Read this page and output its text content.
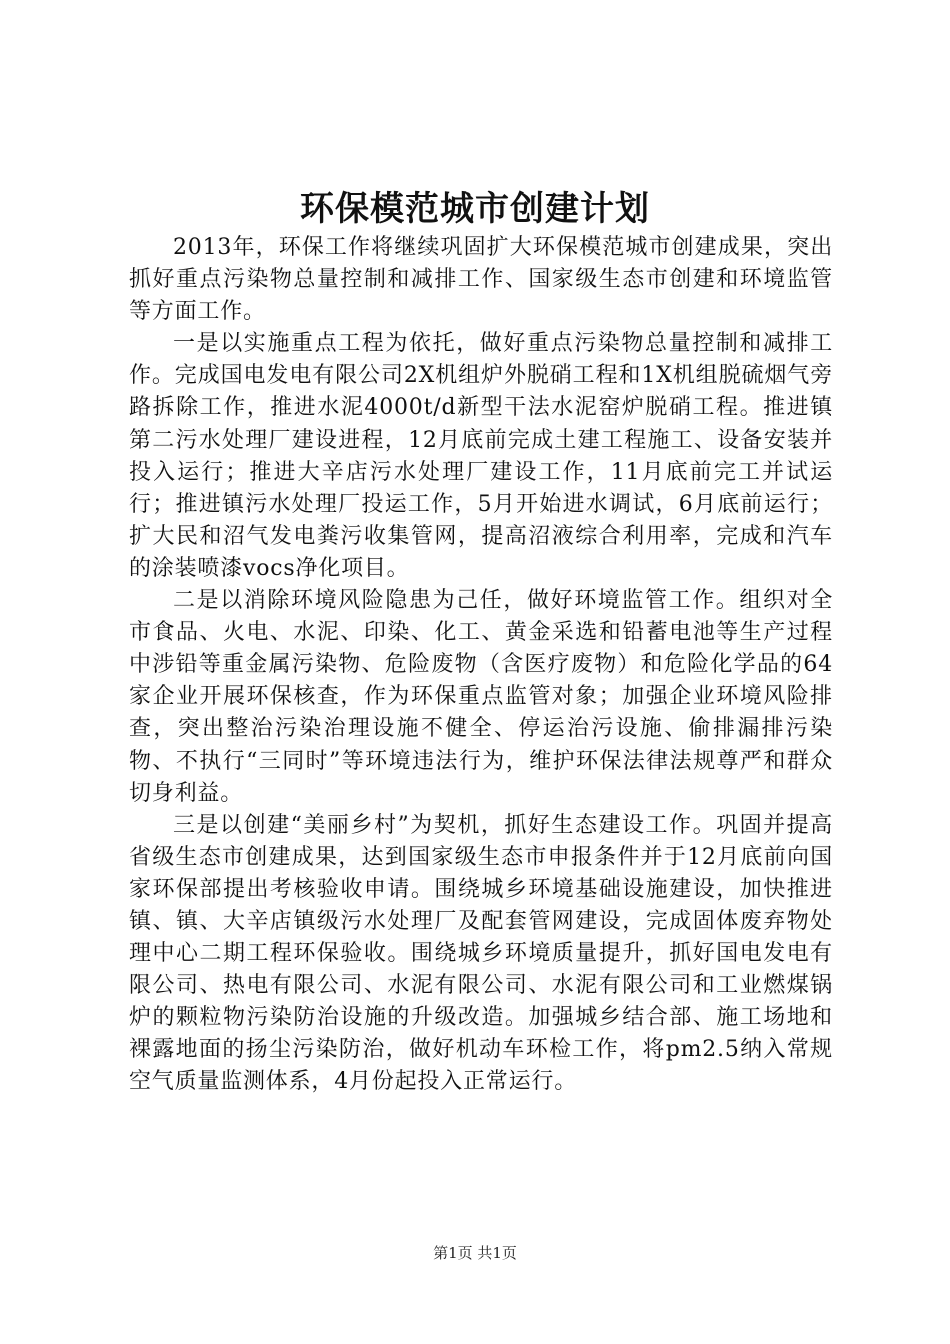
环保模范城市创建计划

2013年，环保工作将继续巩固扩大环保模范城市创建成果，突出抓好重点污染物总量控制和减排工作、国家级生态市创建和环境监管等方面工作。

一是以实施重点工程为依托，做好重点污染物总量控制和减排工作。完成国电发电有限公司2X机组炉外脱硝工程和1X机组脱硫烟气旁路拆除工作，推进水泥4000t/d新型干法水泥窑炉脱硝工程。推进镇第二污水处理厂建设进程，12月底前完成土建工程施工、设备安装并投入运行；推进大辛店污水处理厂建设工作，11月底前完工并试运行；推进镇污水处理厂投运工作，5月开始进水调试，6月底前运行；扩大民和沼气发电粪污收集管网，提高沼液综合利用率，完成和汽车的涂装喷漆vocs净化项目。

二是以消除环境风险隐患为己任，做好环境监管工作。组织对全市食品、火电、水泥、印染、化工、黄金采选和铅蓄电池等生产过程中涉铅等重金属污染物、危险废物（含医疗废物）和危险化学品的64家企业开展环保核查，作为环保重点监管对象；加强企业环境风险排查，突出整治污染治理设施不健全、停运治污设施、偷排漏排污染物、不执行“三同时”等环境违法行为，维护环保法律法规尊严和群众切身利益。

三是以创建“美丽乡村”为契机，抓好生态建设工作。巩固并提高省级生态市创建成果，达到国家级生态市申报条件并于12月底前向国家环保部提出考核验收申请。围绕城乡环境基础设施建设，加快推进镇、镇、大辛店镇级污水处理厂及配套管网建设，完成固体废弃物处理中心二期工程环保验收。围绕城乡环境质量提升，抓好国电发电有限公司、热电有限公司、水泥有限公司、水泥有限公司和工业燃煤锅炉的颗粒物污染防治设施的升级改造。加强城乡结合部、施工场地和裸露地面的扬尘污染防治，做好机动车环检工作，将pm2.5纳入常规空气质量监测体系，4月份起投入正常运行。

第1页 共1页
